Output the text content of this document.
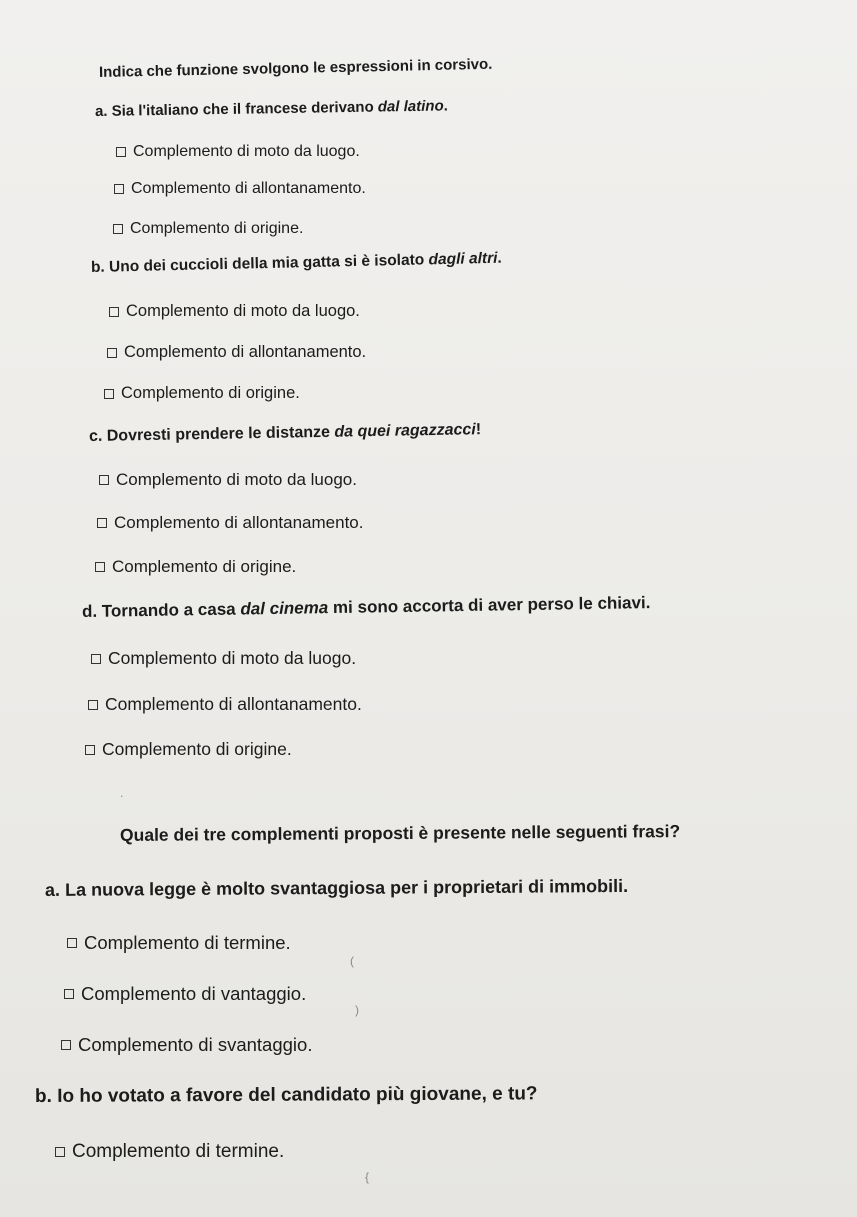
Indica che funzione svolgono le espressioni in corsivo.
a. Sia l'italiano che il francese derivano dal latino.
Complemento di moto da luogo.
Complemento di allontanamento.
Complemento di origine.
b. Uno dei cuccioli della mia gatta si è isolato dagli altri.
Complemento di moto da luogo.
Complemento di allontanamento.
Complemento di origine.
c. Dovresti prendere le distanze da quei ragazzacci!
Complemento di moto da luogo.
Complemento di allontanamento.
Complemento di origine.
d. Tornando a casa dal cinema mi sono accorta di aver perso le chiavi.
Complemento di moto da luogo.
Complemento di allontanamento.
Complemento di origine.
Quale dei tre complementi proposti è presente nelle seguenti frasi?
a. La nuova legge è molto svantaggiosa per i proprietari di immobili.
Complemento di termine.
Complemento di vantaggio.
Complemento di svantaggio.
b. Io ho votato a favore del candidato più giovane, e tu?
Complemento di termine.
(
)
{
.
